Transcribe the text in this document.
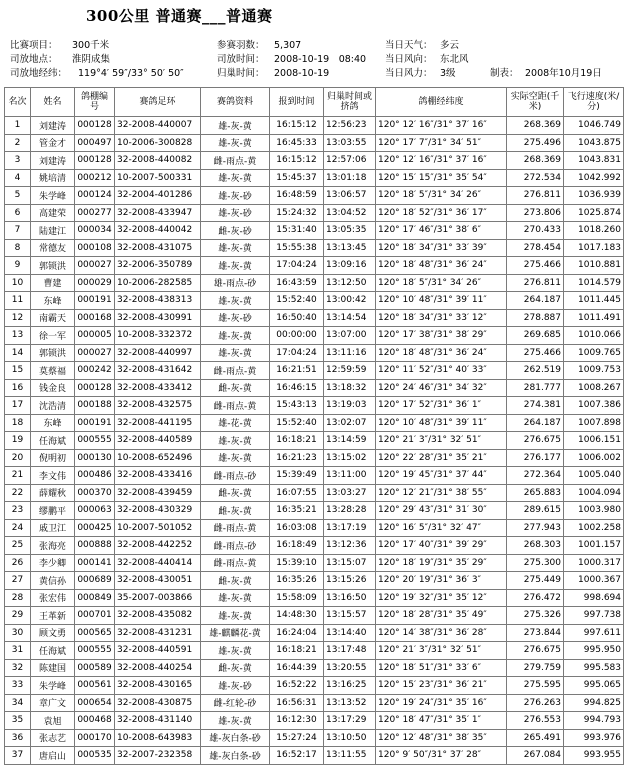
300公里 普通赛___普通赛
比赛项目： 300千米	参赛羽数： 5,307	当日天气： 多云
司放地点： 淮阴成集	司放时间： 2008-10-19　08:40 当日风向： 东北风
司放地经纬： 119°4′ 59″/33° 50′ 50″	归巢时间： 2008-10-19	当日风力： 3级	制表： 2008年10月19日
名次	姓名	鸽棚编号	赛鸽足环	赛鸽资料	报到时间	归巢时间或挤鸽	鸽棚经纬度	实际空距(千米)	飞行速度(米/分)
1	刘建涛	000128	32-2008-440007	雄-灰-黄	16:15:12	12:56:23	120° 12′ 16″/31° 37′ 16″	268.369	1046.749
2	管金才	000497	10-2006-300828	雄-灰-黄	16:45:33	13:03:55	120° 17′ 7″/31° 34′ 51″	275.496	1043.875
3	刘建涛	000128	32-2008-440082	雌-雨点-黄	16:15:12	12:57:06	120° 12′ 16″/31° 37′ 16″	268.369	1043.831
4	姚培清	000212	10-2007-500331	雄-灰-黄	15:45:37	13:01:18	120° 15′ 15″/31° 35′ 54″	272.534	1042.992
5	朱学峰	000124	32-2004-401286	雄-灰-砂	16:48:59	13:06:57	120° 18′ 5″/31° 34′ 26″	276.811	1036.939
6	高建荣	000277	32-2008-433947	雄-灰-砂	15:24:32	13:04:52	120° 18′ 52″/31° 36′ 17″	273.806	1025.874
7	陆建江	000034	32-2008-440042	雌-灰-砂	15:31:40	13:05:35	120° 17′ 46″/31° 38′ 6″	270.433	1018.260
8	常德友	000108	32-2008-431075	雄-灰-黄	15:55:38	13:13:45	120° 18′ 34″/31° 33′ 39″	278.454	1017.183
9	郭锁洪	000027	32-2006-350789	雄-灰-黄	17:04:24	13:09:16	120° 18′ 48″/31° 36′ 24″	275.466	1010.881
10	曹建	000029	10-2006-282585	雄-雨点-砂	16:43:59	13:12:50	120° 18′ 5″/31° 34′ 26″	276.811	1014.579
11	东峰	000191	32-2008-438313	雄-灰-黄	15:52:40	13:00:42	120° 10′ 48″/31° 39′ 11″	264.187	1011.445
12	南霸天	000168	32-2008-430991	雄-灰-砂	16:50:40	13:14:54	120° 18′ 34″/31° 33′ 12″	278.887	1011.491
13	徐一军	000005	10-2008-332372	雄-灰-黄	00:00:00	13:07:00	120° 17′ 38″/31° 38′ 29″	269.685	1010.066
14	郭锁洪	000027	32-2008-440997	雄-灰-黄	17:04:24	13:11:16	120° 18′ 48″/31° 36′ 24″	275.466	1009.765
15	莫蔡福	000242	32-2008-431642	雌-雨点-黄	16:21:51	12:59:59	120° 11′ 52″/31° 40′ 33″	262.519	1009.753
16	钱金良	000128	32-2008-433412	雌-灰-黄	16:46:15	13:18:32	120° 24′ 46″/31° 34′ 32″	281.777	1008.267
17	沈浩清	000188	32-2008-432575	雌-雨点-黄	15:43:13	13:19:03	120° 17′ 52″/31° 36′ 1″	274.381	1007.386
18	东峰	000191	32-2008-441195	雄-花-黄	15:52:40	13:02:07	120° 10′ 48″/31° 39′ 11″	264.187	1007.898
19	任海斌	000555	32-2008-440589	雄-灰-黄	16:18:21	13:14:59	120° 21′ 3″/31° 32′ 51″	276.675	1006.151
20	倪明初	000130	10-2008-652496	雄-灰-黄	16:21:23	13:15:02	120° 22′ 28″/31° 35′ 21″	276.177	1006.002
21	李文伟	000486	32-2008-433416	雌-雨点-砂	15:39:49	13:11:00	120° 19′ 45″/31° 37′ 44″	272.364	1005.040
22	薛耀秋	000370	32-2008-439459	雌-灰-黄	16:07:55	13:03:27	120° 12′ 21″/31° 38′ 55″	265.883	1004.094
23	缪鹏平	000063	32-2008-430329	雌-灰-黄	16:35:21	13:28:28	120° 29′ 43″/31° 31′ 30″	289.615	1003.980
24	戚卫江	000425	10-2007-501052	雌-雨点-黄	16:03:08	13:17:19	120° 16′ 5″/31° 32′ 47″	277.943	1002.258
25	张海亮	000888	32-2008-442252	雌-雨点-砂	16:18:49	13:12:36	120° 17′ 40″/31° 39′ 29″	268.303	1001.157
26	李少卿	000141	32-2008-440414	雌-雨点-黄	15:39:10	13:15:07	120° 18′ 19″/31° 35′ 29″	275.300	1000.317
27	黄信孙	000689	32-2008-430051	雌-灰-黄	16:35:26	13:15:26	120° 20′ 19″/31° 36′ 3″	275.449	1000.367
28	张宏伟	000849	35-2007-003866	雄-灰-黄	15:58:09	13:16:50	120° 19′ 32″/31° 35′ 12″	276.472	998.694
29	王革新	000701	32-2008-435082	雄-灰-黄	14:48:30	13:15:57	120° 18′ 28″/31° 35′ 49″	275.326	997.738
30	顾文勇	000565	32-2008-431231	雄-麒麟花-黄	16:24:04	13:14:40	120° 14′ 38″/31° 36′ 28″	273.844	997.611
31	任海斌	000555	32-2008-440591	雄-灰-黄	16:18:21	13:17:48	120° 21′ 3″/31° 32′ 51″	276.675	995.950
32	陈建国	000589	32-2008-440254	雌-灰-黄	16:44:39	13:20:55	120° 18′ 51″/31° 33′ 6″	279.759	995.583
33	朱学峰	000561	32-2008-430165	雄-灰-砂	16:52:22	13:16:25	120° 15′ 23″/31° 36′ 21″	275.595	995.065
34	章广文	000654	32-2008-430875	雌-红轮-砂	16:56:31	13:13:52	120° 19′ 24″/31° 35′ 16″	276.263	994.825
35	袁旭	000468	32-2008-431140	雄-灰-黄	16:12:30	13:17:29	120° 18′ 47″/31° 35′ 1″	276.553	994.793
36	张志艺	000170	10-2008-643983	雄-灰白条-砂	15:27:24	13:10:50	120° 12′ 48″/31° 38′ 35″	265.491	993.976
37	唐启山	000535	32-2007-232358	雄-灰白条-砂	16:52:17	13:11:55	120° 9′ 50″/31° 37′ 28″	267.084	993.955
